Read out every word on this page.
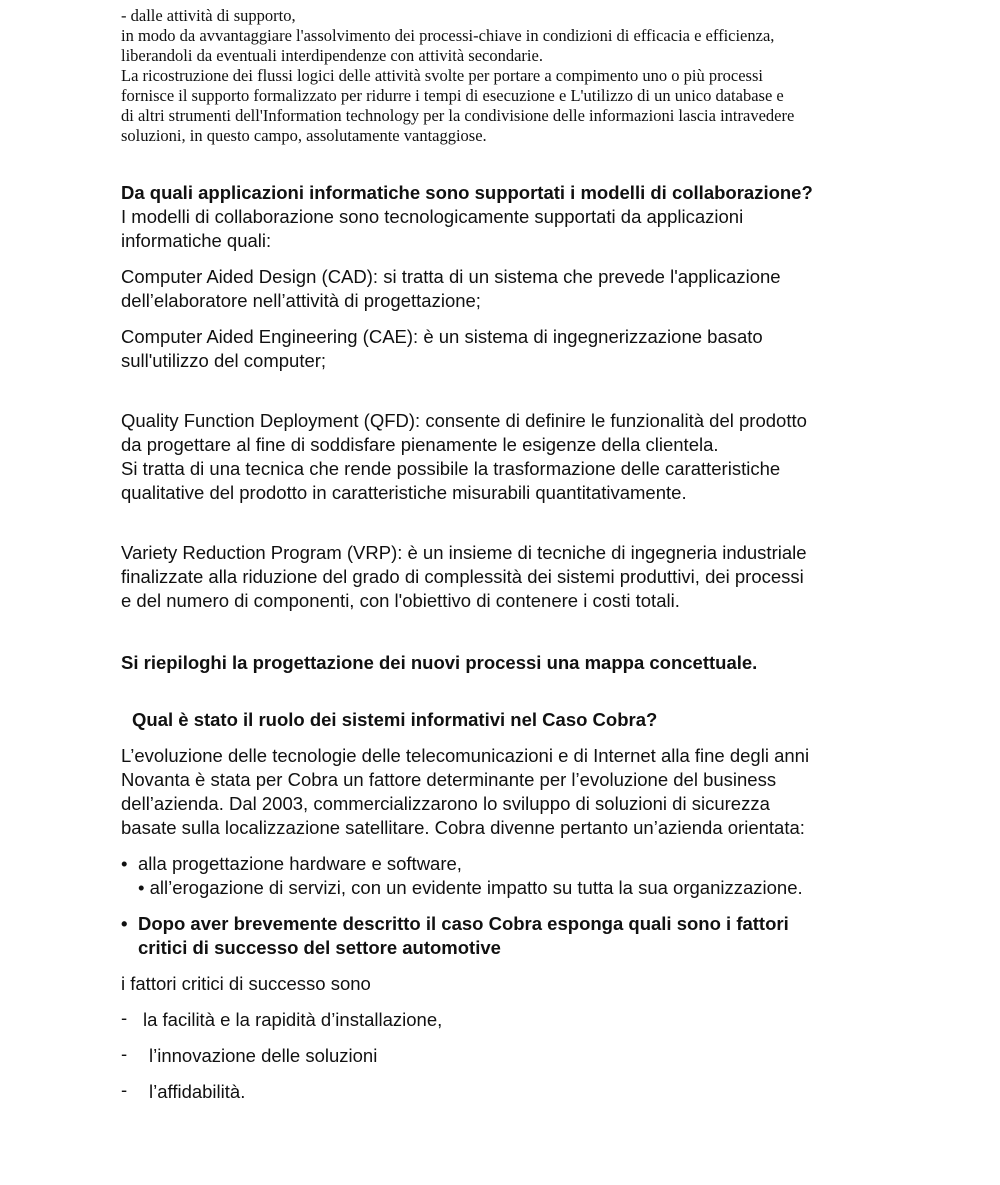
- dalle attività di supporto,

in modo da avvantaggiare l'assolvimento dei processi-chiave in condizioni di efficacia e efficienza,

liberandoli da eventuali interdipendenze con attività secondarie.

La ricostruzione dei flussi logici delle attività svolte per portare a compimento uno o più processi

fornisce il supporto formalizzato per ridurre i tempi di esecuzione e L'utilizzo di un unico database e

di altri strumenti dell'Information technology per la condivisione delle informazioni lascia intravedere

soluzioni, in questo campo, assolutamente vantaggiose.

Da quali applicazioni informatiche sono supportati i modelli di collaborazione?

I modelli di collaborazione sono tecnologicamente supportati da applicazioni

informatiche quali:

Computer Aided Design (CAD): si tratta di un sistema che prevede l'applicazione

dell’elaboratore nell’attività di progettazione;

Computer Aided Engineering (CAE): è un sistema di ingegnerizzazione basato

sull'utilizzo del computer;

Quality Function Deployment (QFD): consente di definire le funzionalità del prodotto

da progettare al fine di soddisfare pienamente le esigenze della clientela.

Si tratta di una tecnica che rende possibile la trasformazione delle caratteristiche

qualitative del prodotto in caratteristiche misurabili quantitativamente.

Variety Reduction Program (VRP): è un insieme di tecniche di ingegneria industriale

finalizzate alla riduzione del grado di complessità dei sistemi produttivi, dei processi

e del numero di componenti, con l'obiettivo di contenere i costi totali.

Si riepiloghi la progettazione dei nuovi processi una mappa concettuale.

Qual è stato il ruolo dei sistemi informativi nel Caso Cobra?

L’evoluzione delle tecnologie delle telecomunicazioni e di Internet alla fine degli anni

Novanta è stata per Cobra un fattore determinante per l’evoluzione del business

dell’azienda. Dal 2003, commercializzarono lo sviluppo di soluzioni di sicurezza

basate sulla localizzazione satellitare. Cobra divenne pertanto un’azienda orientata:

• alla progettazione hardware e software,

• all’erogazione di servizi, con un evidente impatto su tutta la sua organizzazione.

• Dopo aver brevemente descritto il caso Cobra esponga quali sono i fattori

critici di successo del settore automotive

i fattori critici di successo sono

- la facilità e la rapidità d’installazione,

- l’innovazione delle soluzioni

- l’affidabilità.
